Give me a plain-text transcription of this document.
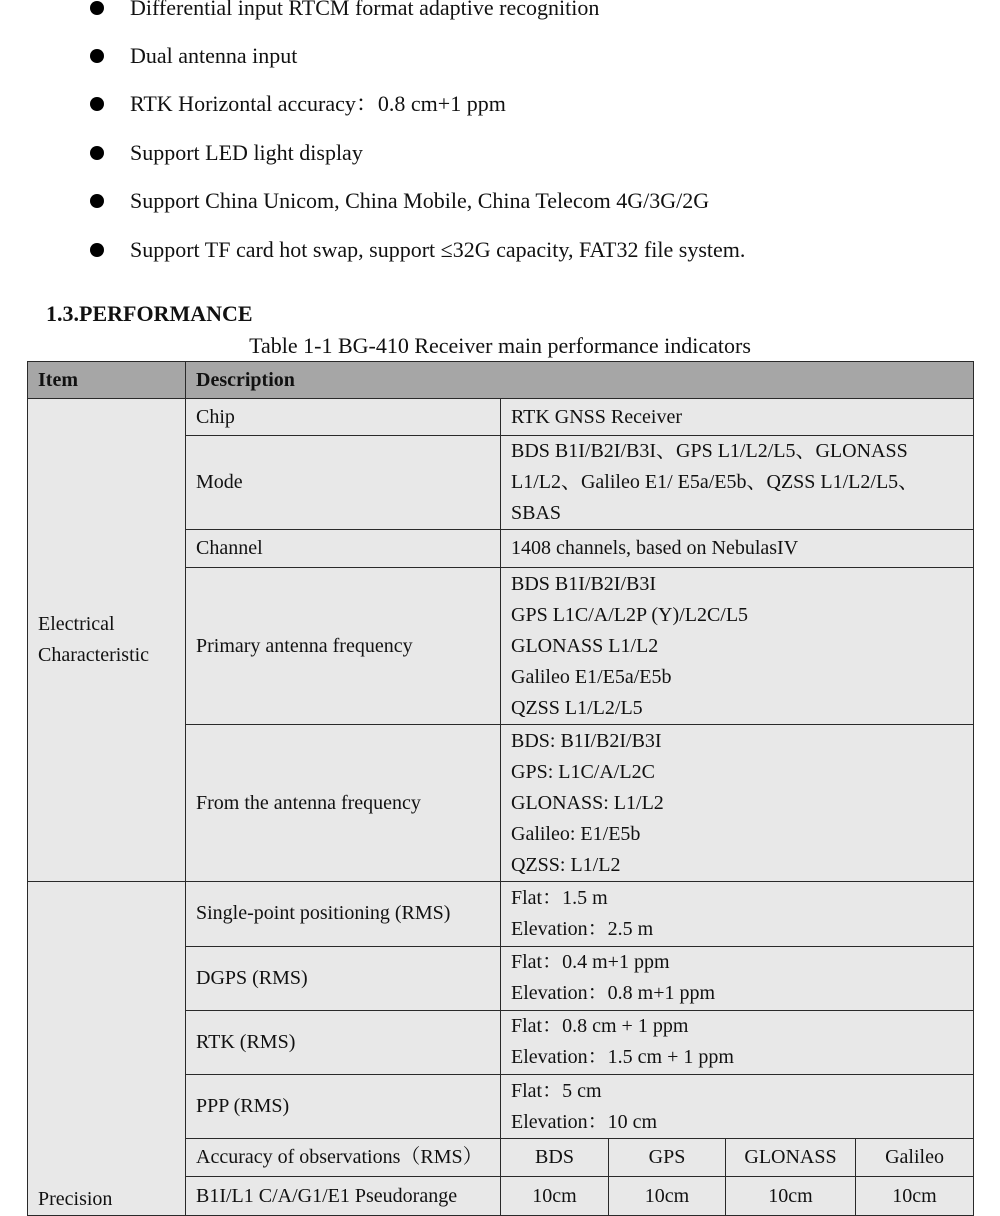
Differential input RTCM format adaptive recognition
Dual antenna input
RTK Horizontal accuracy：0.8 cm+1 ppm
Support LED light display
Support China Unicom, China Mobile, China Telecom 4G/3G/2G
Support TF card hot swap, support ≤32G capacity, FAT32 file system.
1.3.PERFORMANCE
Table 1-1 BG-410 Receiver main performance indicators
Item	Description				
Electrical Characteristic	Chip	RTK GNSS Receiver			
	Mode	BDS B1I/B2I/B3I、GPS L1/L2/L5、GLONASS
L1/L2、Galileo E1/ E5a/E5b、QZSS L1/L2/L5、SBAS			

	Channel	1408 channels, based on NebulasIV			
	Primary antenna frequency	BDS B1I/B2I/B3I
GPS L1C/A/L2P (Y)/L2C/L5
GLONASS L1/L2
Galileo E1/E5a/E5b
QZSS L1/L2/L5			

	From the antenna frequency	BDS: B1I/B2I/B3I
GPS: L1C/A/L2C
GLONASS: L1/L2
Galileo: E1/E5b
QZSS: L1/L2			

Precision	Single-point positioning (RMS)	Flat：1.5 m
Elevation：2.5 m			

	DGPS (RMS)	Flat：0.4 m+1 ppm
Elevation：0.8 m+1 ppm			

	RTK (RMS)	Flat：0.8 cm + 1 ppm
Elevation：1.5 cm + 1 ppm			

	PPP (RMS)	Flat：5 cm
Elevation：10 cm			

	Accuracy of observations（RMS）	BDS	GPS	GLONASS	Galileo
	B1I/L1 C/A/G1/E1 Pseudorange	10cm	10cm	10cm	10cm
